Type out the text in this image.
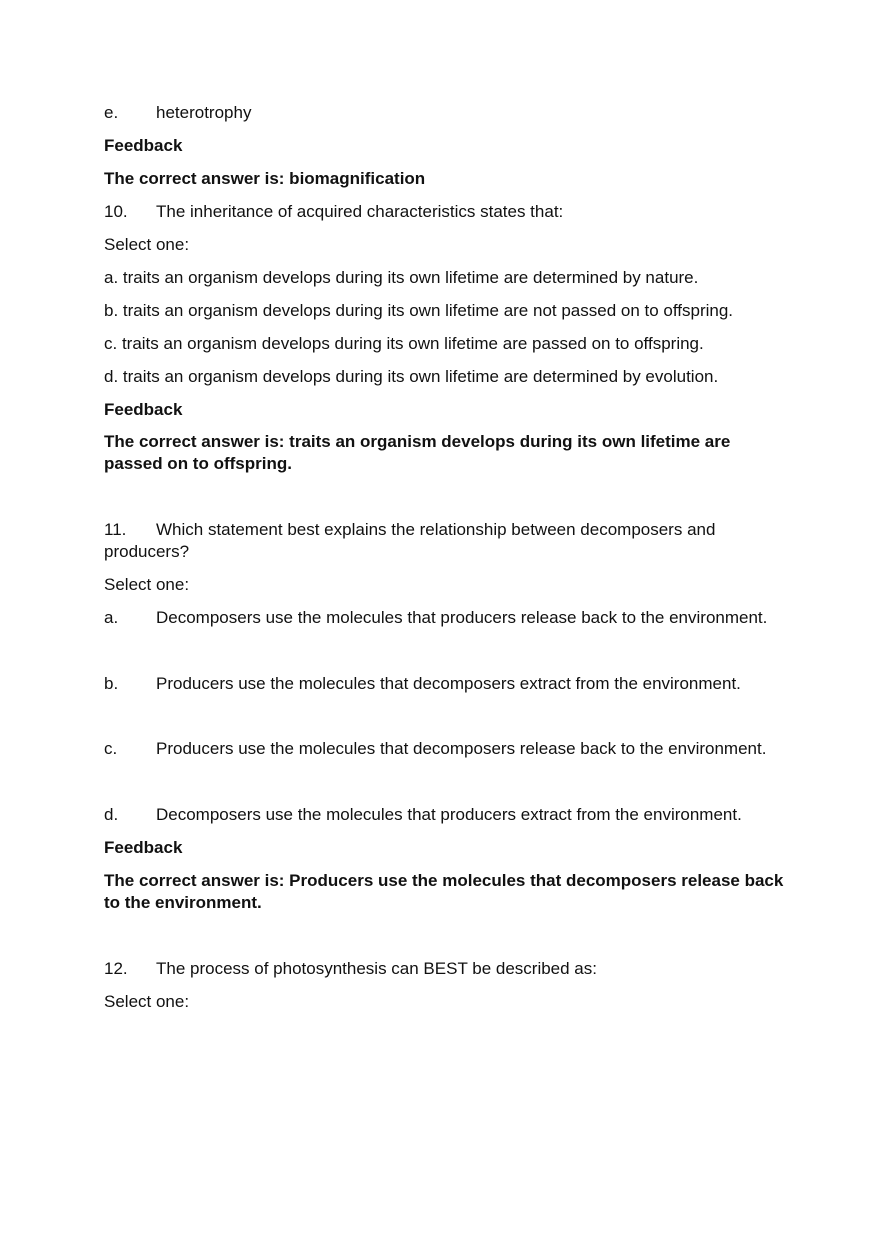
e. heterotrophy
Feedback
The correct answer is: biomagnification
10. The inheritance of acquired characteristics states that:
Select one:
a. traits an organism develops during its own lifetime are determined by nature.
b. traits an organism develops during its own lifetime are not passed on to offspring.
c. traits an organism develops during its own lifetime are passed on to offspring.
d. traits an organism develops during its own lifetime are determined by evolution.
Feedback
The correct answer is: traits an organism develops during its own lifetime are passed on to offspring.
11. Which statement best explains the relationship between decomposers and
producers?
Select one:
a. Decomposers use the molecules that producers release back to the environment.
b. Producers use the molecules that decomposers extract from the environment.
c. Producers use the molecules that decomposers release back to the environment.
d. Decomposers use the molecules that producers extract from the environment.
Feedback
The correct answer is: Producers use the molecules that decomposers release back to the environment.
12. The process of photosynthesis can BEST be described as:
Select one:
